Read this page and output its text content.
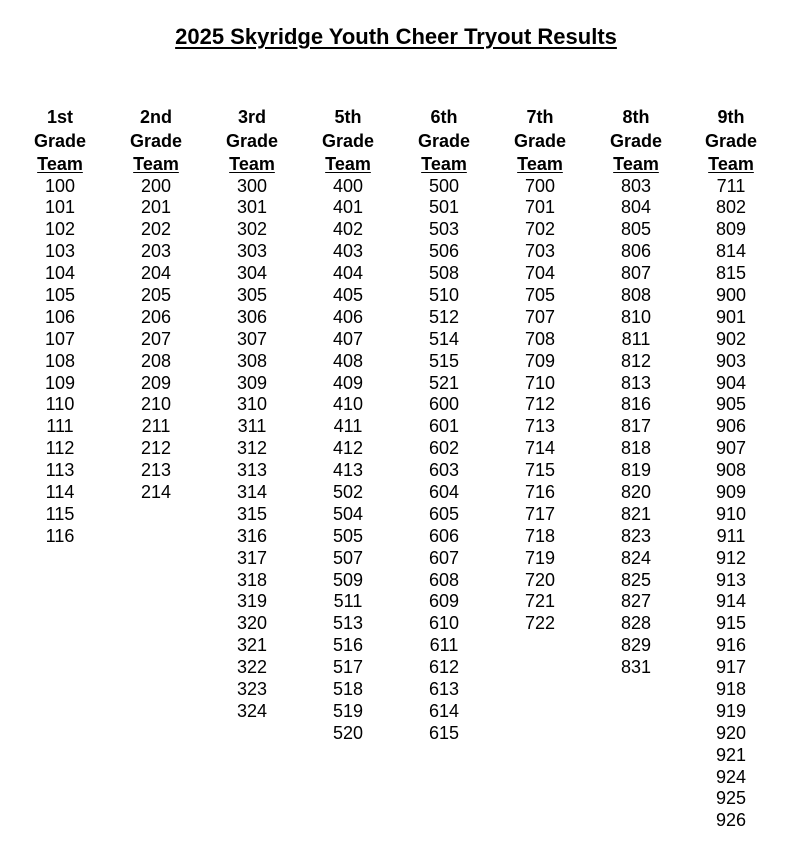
2025 Skyridge Youth Cheer Tryout Results
1st
Grade
Team
100
101
102
103
104
105
106
107
108
109
110
111
112
113
114
115
116
2nd
Grade
Team
200
201
202
203
204
205
206
207
208
209
210
211
212
213
214
3rd
Grade
Team
300
301
302
303
304
305
306
307
308
309
310
311
312
313
314
315
316
317
318
319
320
321
322
323
324
5th
Grade
Team
400
401
402
403
404
405
406
407
408
409
410
411
412
413
502
504
505
507
509
511
513
516
517
518
519
520
6th
Grade
Team
500
501
503
506
508
510
512
514
515
521
600
601
602
603
604
605
606
607
608
609
610
611
612
613
614
615
7th
Grade
Team
700
701
702
703
704
705
707
708
709
710
712
713
714
715
716
717
718
719
720
721
722
8th
Grade
Team
803
804
805
806
807
808
810
811
812
813
816
817
818
819
820
821
823
824
825
827
828
829
831
9th
Grade
Team
711
802
809
814
815
900
901
902
903
904
905
906
907
908
909
910
911
912
913
914
915
916
917
918
919
920
921
924
925
926
